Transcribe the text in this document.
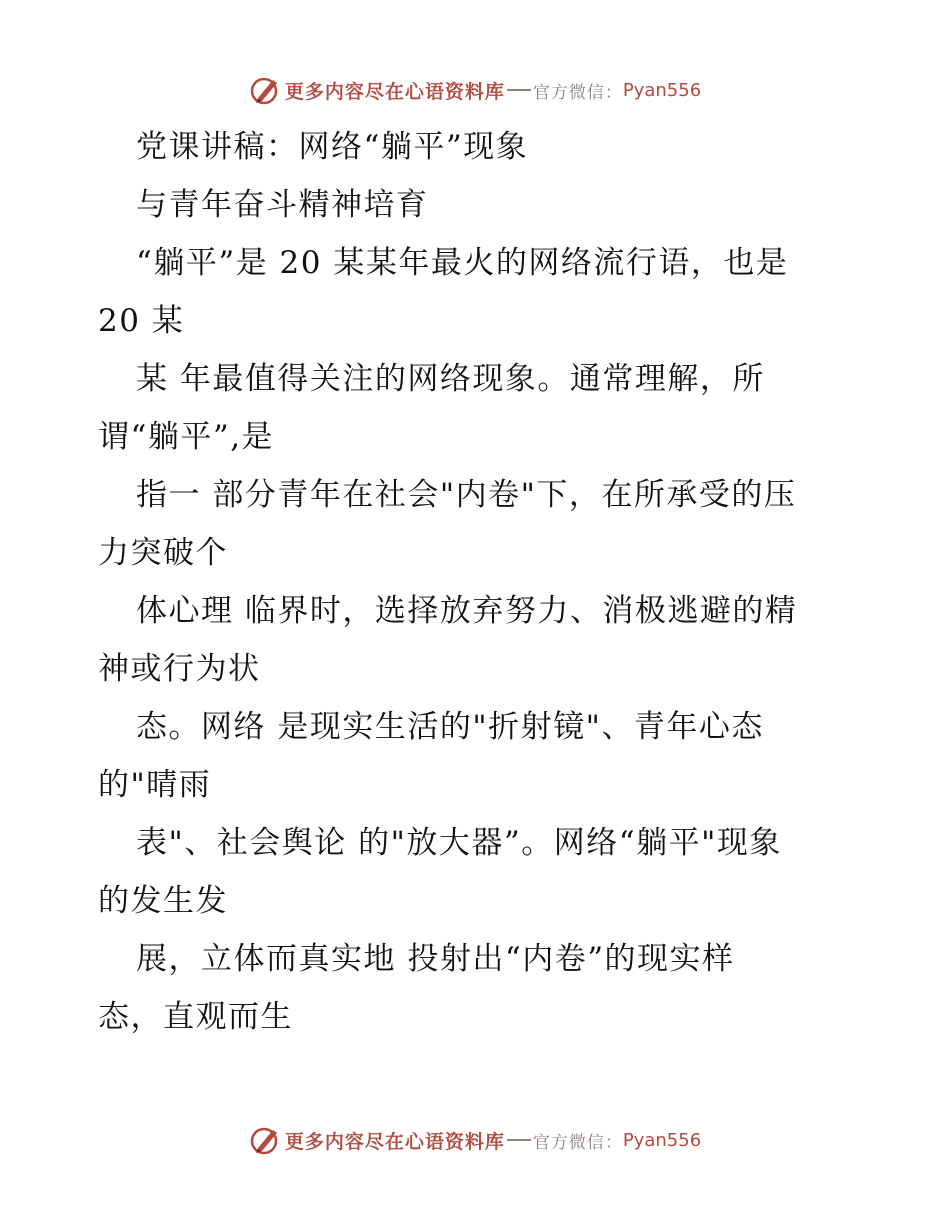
更多内容尽在心语资料库 官方微信： Pyan556
党课讲稿：网络“躺平”现象
与青年奋斗精神培育
“躺平”是 20 某某年最火的网络流行语，也是
20 某
某 年最值得关注的网络现象。通常理解，所
谓“躺平”,是
指一 部分青年在社会"内卷"下，在所承受的压
力突破个
体心理 临界时，选择放弃努力、消极逃避的精
神或行为状
态。网络 是现实生活的"折射镜"、青年心态
的"晴雨
表"、社会舆论 的"放大器”。网络“躺平"现象
的发生发
展，立体而真实地 投射出“内卷”的现实样
态，直观而生
更多内容尽在心语资料库 官方微信： Pyan556
